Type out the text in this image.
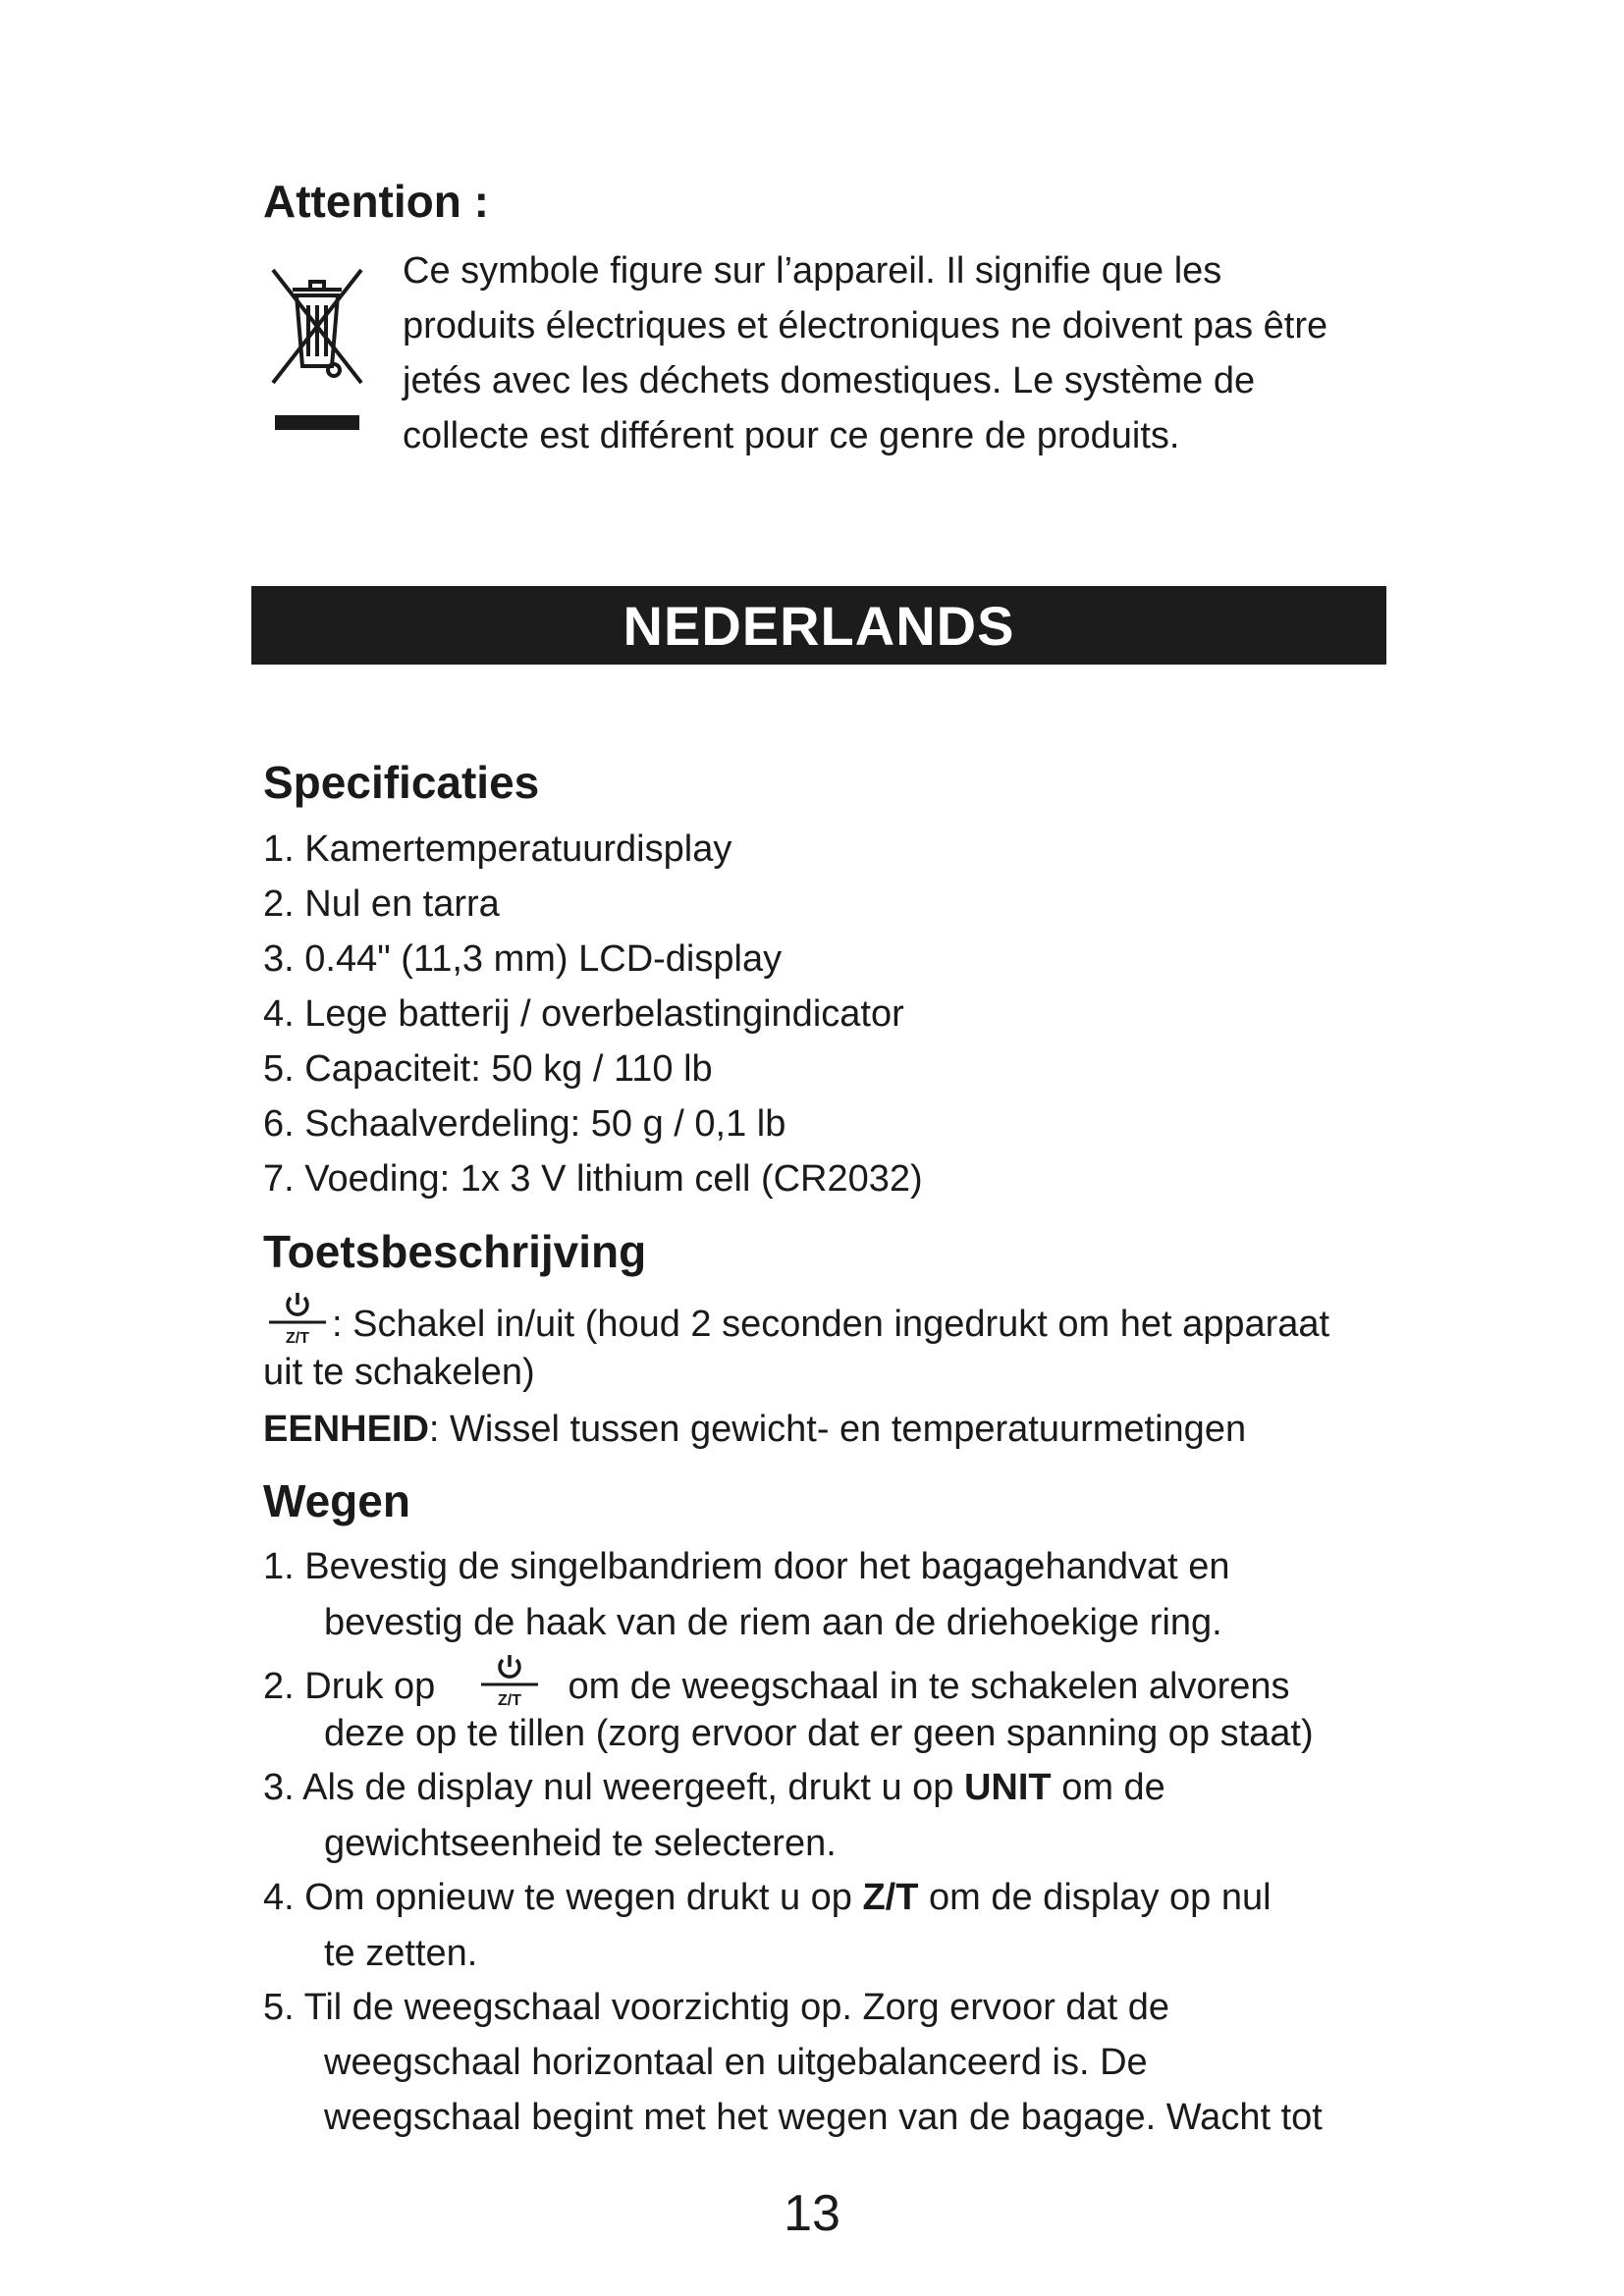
Attention :
Ce symbole figure sur l’appareil. Il signifie que les
produits électriques et électroniques ne doivent pas être
jetés avec les déchets domestiques. Le système de
collecte est différent pour ce genre de produits.
NEDERLANDS
Specificaties
1. Kamertemperatuurdisplay
2. Nul en tarra
3. 0.44" (11,3 mm) LCD-display
4. Lege batterij / overbelastingindicator
5. Capaciteit: 50 kg / 110 lb
6. Schaalverdeling: 50 g / 0,1 lb
7. Voeding: 1x 3 V lithium cell (CR2032)
Toetsbeschrijving
Z/T : Schakel in/uit (houd 2 seconden ingedrukt om het apparaat
uit te schakelen)
EENHEID: Wissel tussen gewicht- en temperatuurmetingen
Wegen
1. Bevestig de singelbandriem door het bagagehandvat en
bevestig de haak van de riem aan de driehoekige ring.
2. Druk op	Z/T om de weegschaal in te schakelen alvorens
deze op te tillen (zorg ervoor dat er geen spanning op staat)
3. Als de display nul weergeeft, drukt u op UNIT om de
gewichtseenheid te selecteren.
4. Om opnieuw te wegen drukt u op Z/T om de display op nul
te zetten.
5. Til de weegschaal voorzichtig op. Zorg ervoor dat de
weegschaal horizontaal en uitgebalanceerd is. De
weegschaal begint met het wegen van de bagage. Wacht tot
13
